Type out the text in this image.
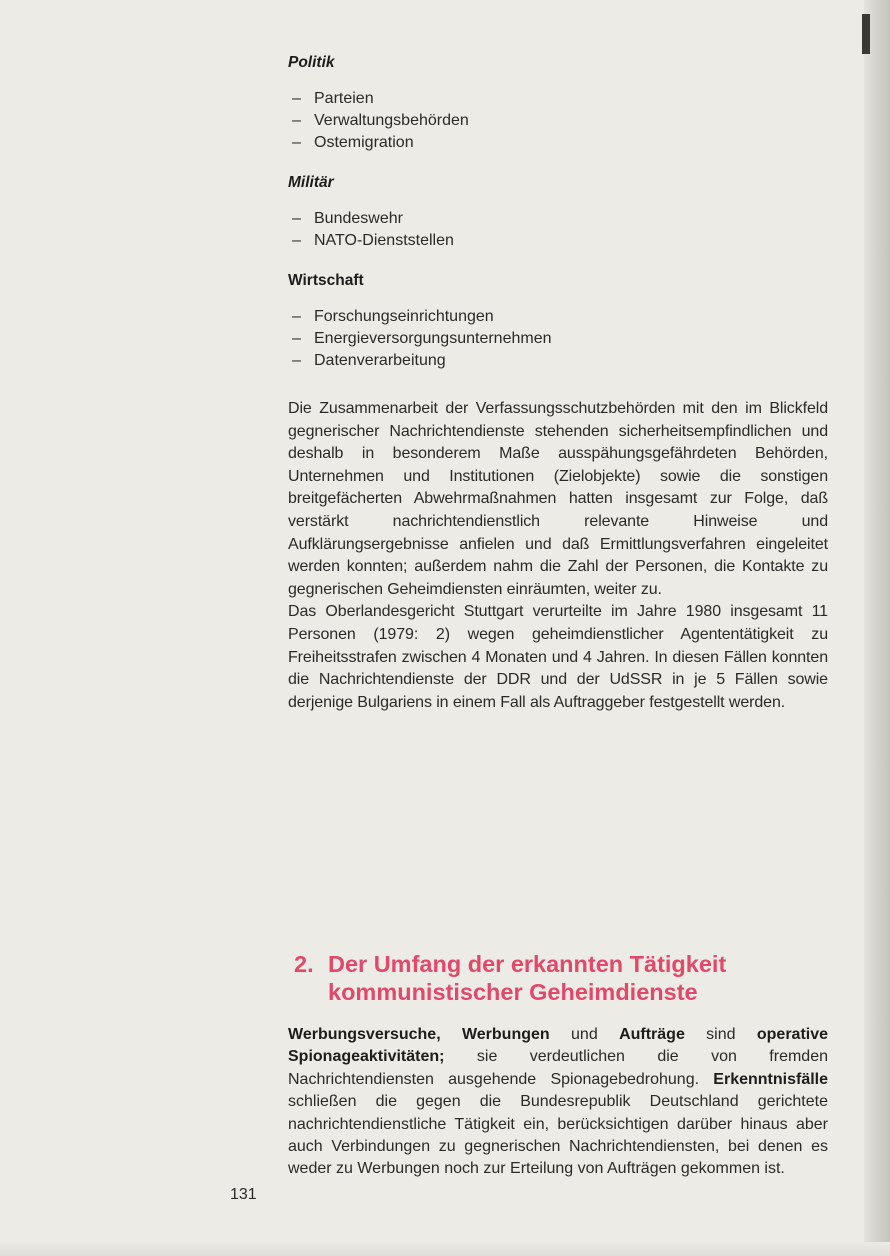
Politik
– Parteien
– Verwaltungsbehörden
– Ostemigration
Militär
– Bundeswehr
– NATO-Dienststellen
Wirtschaft
– Forschungseinrichtungen
– Energieversorgungsunternehmen
– Datenverarbeitung

Die Zusammenarbeit der Verfassungsschutzbehörden mit den im Blickfeld gegnerischer Nachrichtendienste stehenden sicherheitsempfindlichen und deshalb in besonderem Maße ausspähungsgefährdeten Behörden, Unternehmen und Institutionen (Zielobjekte) sowie die sonstigen breitgefächerten Abwehrmaßnahmen hatten insgesamt zur Folge, daß verstärkt nachrichtendienstlich relevante Hinweise und Aufklärungsergebnisse anfielen und daß Ermittlungsverfahren eingeleitet werden konnten; außerdem nahm die Zahl der Personen, die Kontakte zu gegnerischen Geheimdiensten einräumten, weiter zu.

Das Oberlandesgericht Stuttgart verurteilte im Jahre 1980 insgesamt 11 Personen (1979: 2) wegen geheimdienstlicher Agententätigkeit zu Freiheitsstrafen zwischen 4 Monaten und 4 Jahren. In diesen Fällen konnten die Nachrichtendienste der DDR und der UdSSR in je 5 Fällen sowie derjenige Bulgariens in einem Fall als Auftraggeber festgestellt werden.

2. Der Umfang der erkannten Tätigkeit
kommunistischer Geheimdienste
Werbungsversuche, Werbungen und Aufträge sind operative Spionageaktivitäten; sie verdeutlichen die von fremden Nachrichtendiensten ausgehende Spionagebedrohung. Erkenntnisfälle schließen die gegen die Bundesrepublik Deutschland gerichtete nachrichtendienstliche Tätigkeit ein, berücksichtigen darüber hinaus aber auch Verbindungen zu gegnerischen Nachrichtendiensten, bei denen es weder zu Werbungen noch zur Erteilung von Aufträgen gekommen ist.
131
